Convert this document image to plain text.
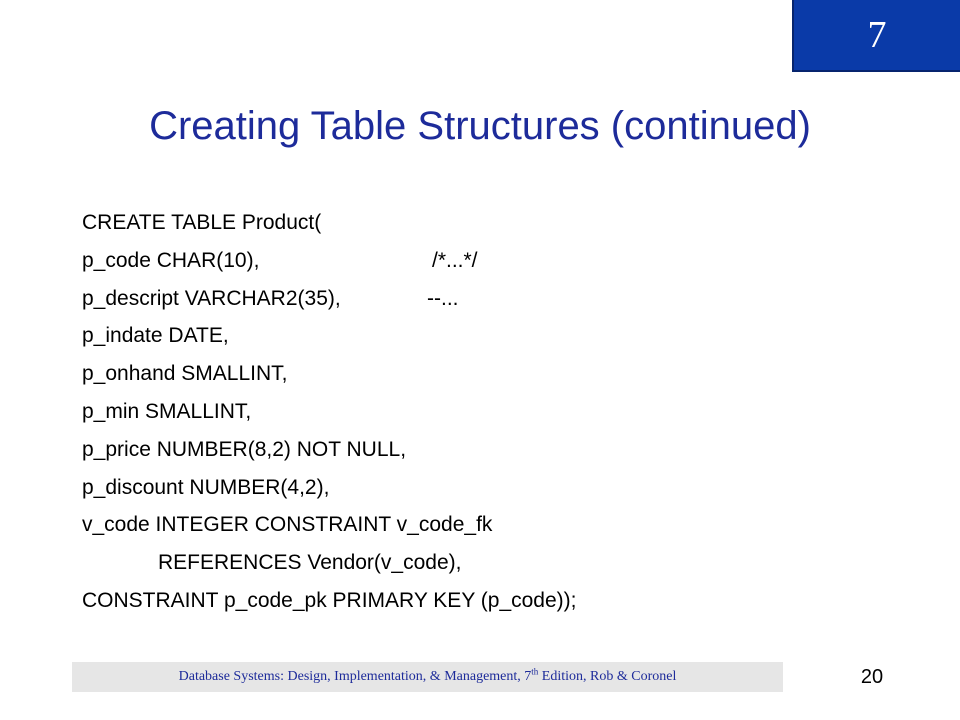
7
Creating Table Structures (continued)
CREATE TABLE Product(
p_code CHAR(10),	/*...*/
p_descript VARCHAR2(35),	--...
p_indate DATE,
p_onhand SMALLINT,
p_min SMALLINT,
p_price NUMBER(8,2) NOT NULL,
p_discount NUMBER(4,2),
v_code INTEGER CONSTRAINT v_code_fk
REFERENCES Vendor(v_code),
CONSTRAINT p_code_pk PRIMARY KEY (p_code));
Database Systems: Design, Implementation, & Management, 7th Edition, Rob & Coronel	20
